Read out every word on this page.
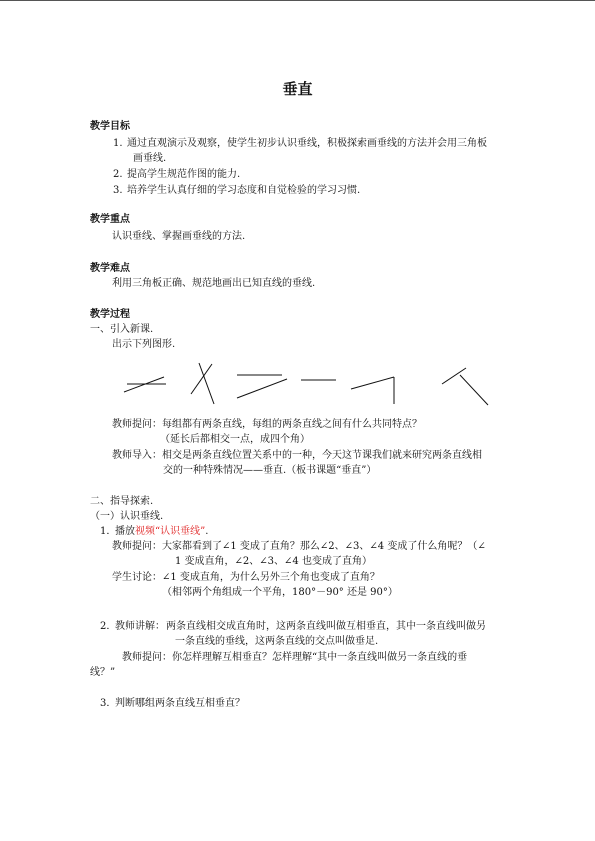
垂直
教学目标
1. 通过直观演示及观察，使学生初步认识垂线，积极探索画垂线的方法并会用三角板
画垂线.
2. 提高学生规范作图的能力.
3. 培养学生认真仔细的学习态度和自觉检验的学习习惯.
教学重点
认识垂线、掌握画垂线的方法.
教学难点
利用三角板正确、规范地画出已知直线的垂线.
教学过程
一、引入新课.
出示下列图形.
教师提问： 每组都有两条直线，每组的两条直线之间有什么共同特点？
（延长后都相交一点，成四个角）
教师导入： 相交是两条直线位置关系中的一种，今天这节课我们就来研究两条直线相
交的一种特殊情况——垂直.（板书课题“垂直”）
二、指导探索.
（一）认识垂线.
1．
播放视频“认识垂线”.
教师提问： 大家都看到了∠1 变成了直角？那么∠2、∠3、∠4 变成了什么角呢？（∠
1 变成直角，∠2、∠3、∠4 也变成了直角）
学生讨论： ∠1 变成直角，为什么另外三个角也变成了直角？
（相邻两个角组成一个平角，180°－90° 还是 90°）
2．
教师讲解： 两条直线相交成直角时，这两条直线叫做互相垂直，其中一条直线叫做另
一条直线的垂线，这两条直线的交点叫做垂足.
教师提问：你怎样理解互相垂直？怎样理解“其中一条直线叫做另一条直线的垂
线？”
3．
判断哪组两条直线互相垂直？
